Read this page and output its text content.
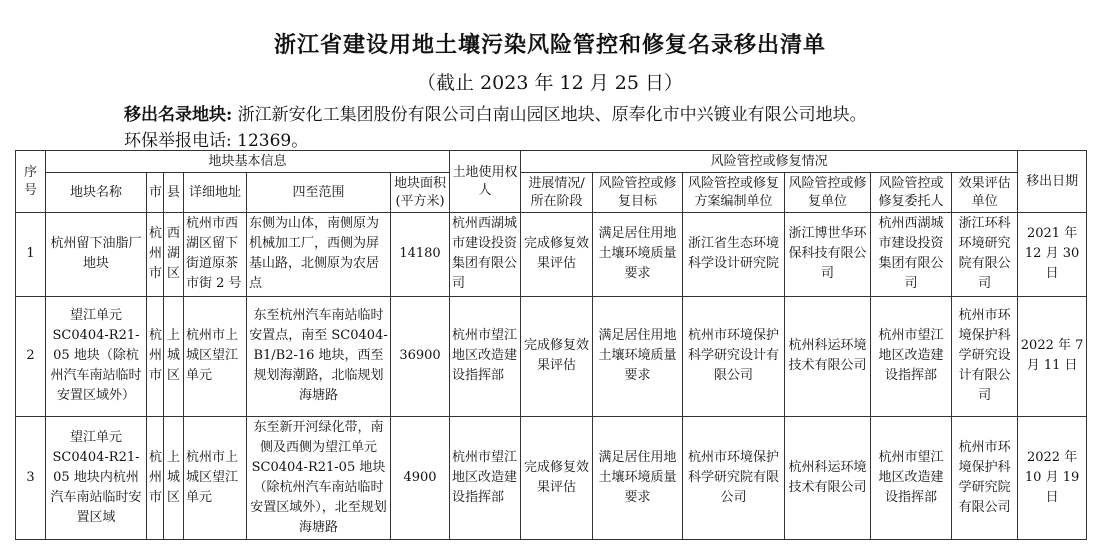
浙江省建设用地土壤污染风险管控和修复名录移出清单
（截止 2023 年 12 月 25 日）
移出名录地块: 浙江新安化工集团股份有限公司白南山园区地块、原奉化市中兴镀业有限公司地块。
环保举报电话: 12369。
序号	地块基本信息						土地使用权人	风险管控或修复情况						移出日期
	地块名称	市	县	详细地址	四至范围	地块面积(平方米)		进展情况/所在阶段	风险管控或修复目标	风险管控或修复方案编制单位	风险管控或修复单位	风险管控或修复委托人	效果评估单位	
1	杭州留下油脂厂地块	杭州市	西湖区	杭州市西湖区留下街道原茶市街 2 号	东侧为山体，南侧原为机械加工厂，西侧为屏基山路，北侧原为农居点	14180	杭州西湖城市建设投资集团有限公司	完成修复效果评估	满足居住用地土壤环境质量要求	浙江省生态环境科学设计研究院	浙江博世华环保科技有限公司	杭州西湖城市建设投资集团有限公司	浙江环科环境研究院有限公司	2021 年 12 月 30 日
2	望江单元 SC0404-R21-05 地块（除杭州汽车南站临时安置区域外）	杭州市	上城区	杭州市上城区望江单元	东至杭州汽车南站临时安置点，南至 SC0404-B1/B2-16 地块，西至规划海潮路，北临规划海塘路	36900	杭州市望江地区改造建设指挥部	完成修复效果评估	满足居住用地土壤环境质量要求	杭州市环境保护科学研究设计有限公司	杭州科运环境技术有限公司	杭州市望江地区改造建设指挥部	杭州市环境保护科学研究设计有限公司	2022 年 7 月 11 日
3	望江单元 SC0404-R21-05 地块内杭州汽车南站临时安置区域	杭州市	上城区	杭州市上城区望江单元	东至新开河绿化带，南侧及西侧为望江单元 SC0404-R21-05 地块（除杭州汽车南站临时安置区域外），北至规划海塘路	4900	杭州市望江地区改造建设指挥部	完成修复效果评估	满足居住用地土壤环境质量要求	杭州市环境保护科学研究院有限公司	杭州科运环境技术有限公司	杭州市望江地区改造建设指挥部	杭州市环境保护科学研究院有限公司	2022 年 10 月 19 日
